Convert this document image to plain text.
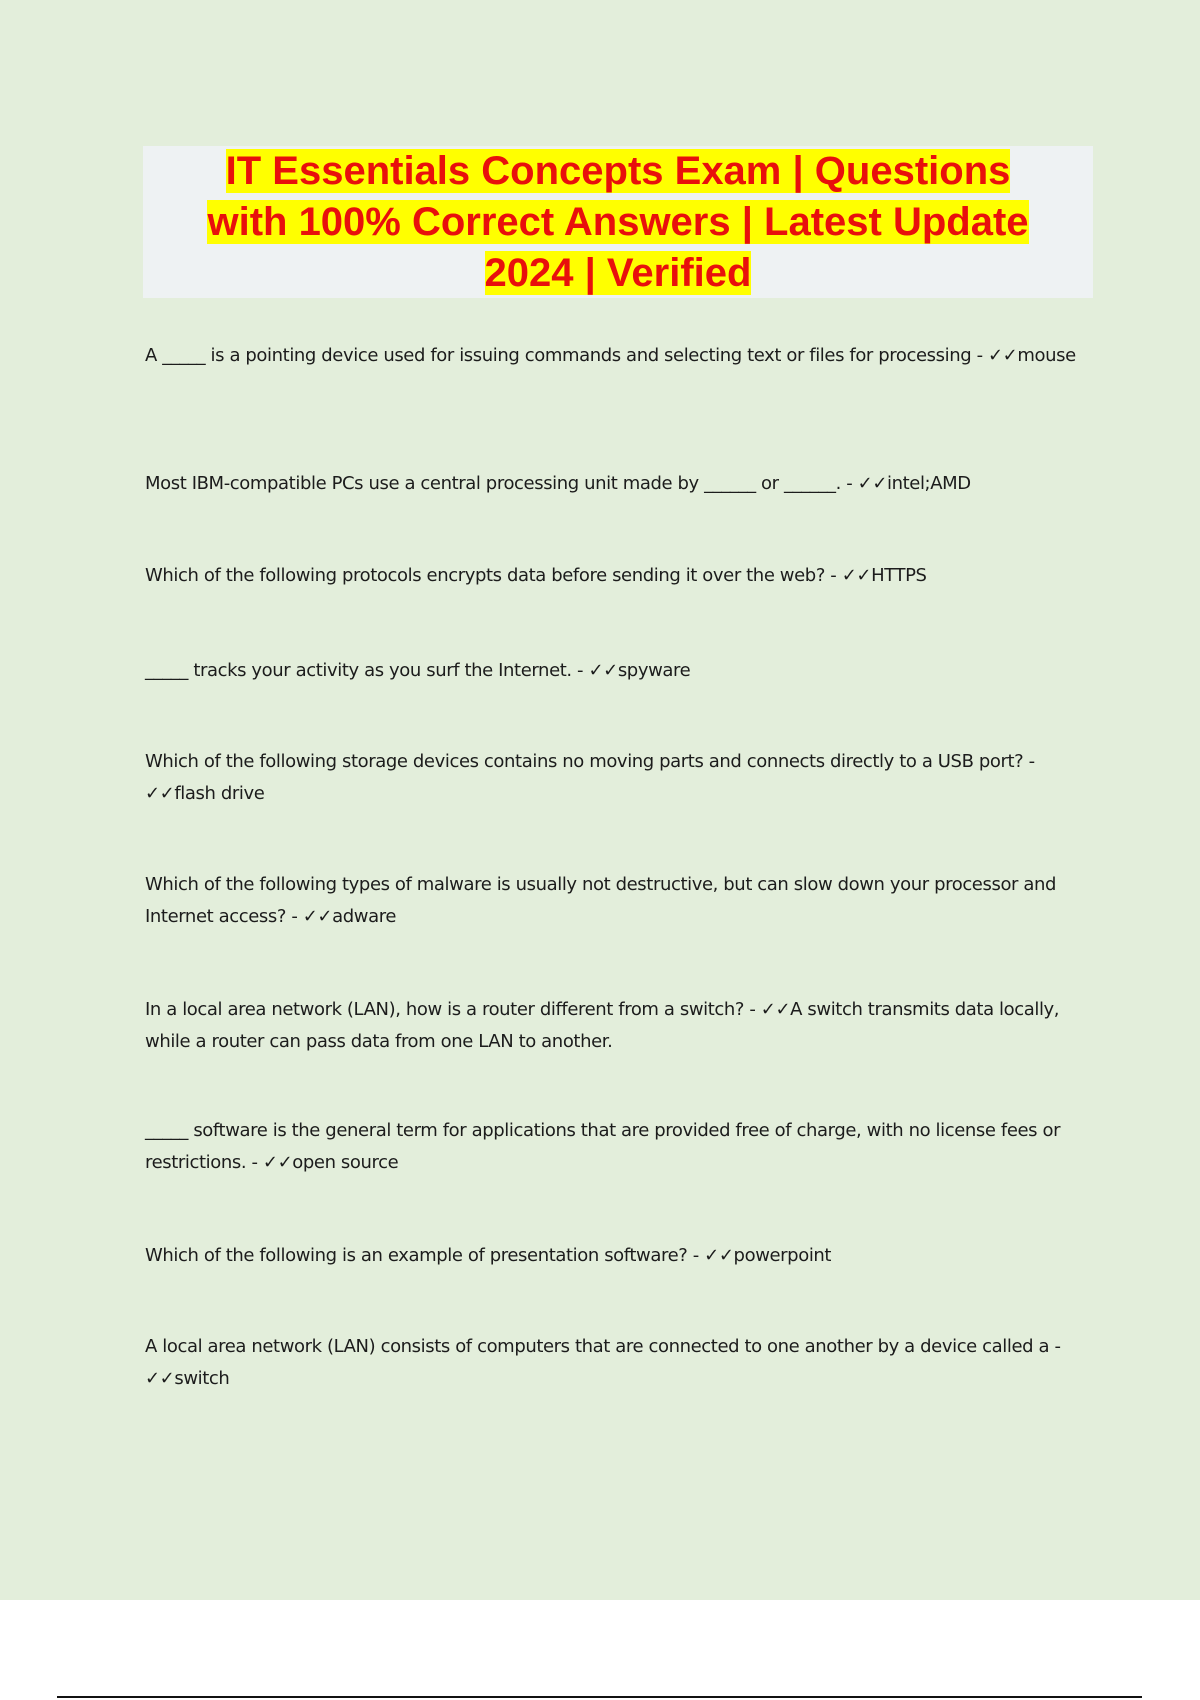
IT Essentials Concepts Exam | Questions
with 100% Correct Answers | Latest Update
2024 | Verified

A _____ is a pointing device used for issuing commands and selecting text or files for processing - ✓✓mouse

Most IBM-compatible PCs use a central processing unit made by ______ or ______. - ✓✓intel;AMD

Which of the following protocols encrypts data before sending it over the web? - ✓✓HTTPS

_____ tracks your activity as you surf the Internet. - ✓✓spyware

Which of the following storage devices contains no moving parts and connects directly to a USB port? - ✓✓flash drive

Which of the following types of malware is usually not destructive, but can slow down your processor and Internet access? - ✓✓adware

In a local area network (LAN), how is a router different from a switch? - ✓✓A switch transmits data locally, while a router can pass data from one LAN to another.

_____ software is the general term for applications that are provided free of charge, with no license fees or restrictions. - ✓✓open source

Which of the following is an example of presentation software? - ✓✓powerpoint

A local area network (LAN) consists of computers that are connected to one another by a device called a - ✓✓switch
